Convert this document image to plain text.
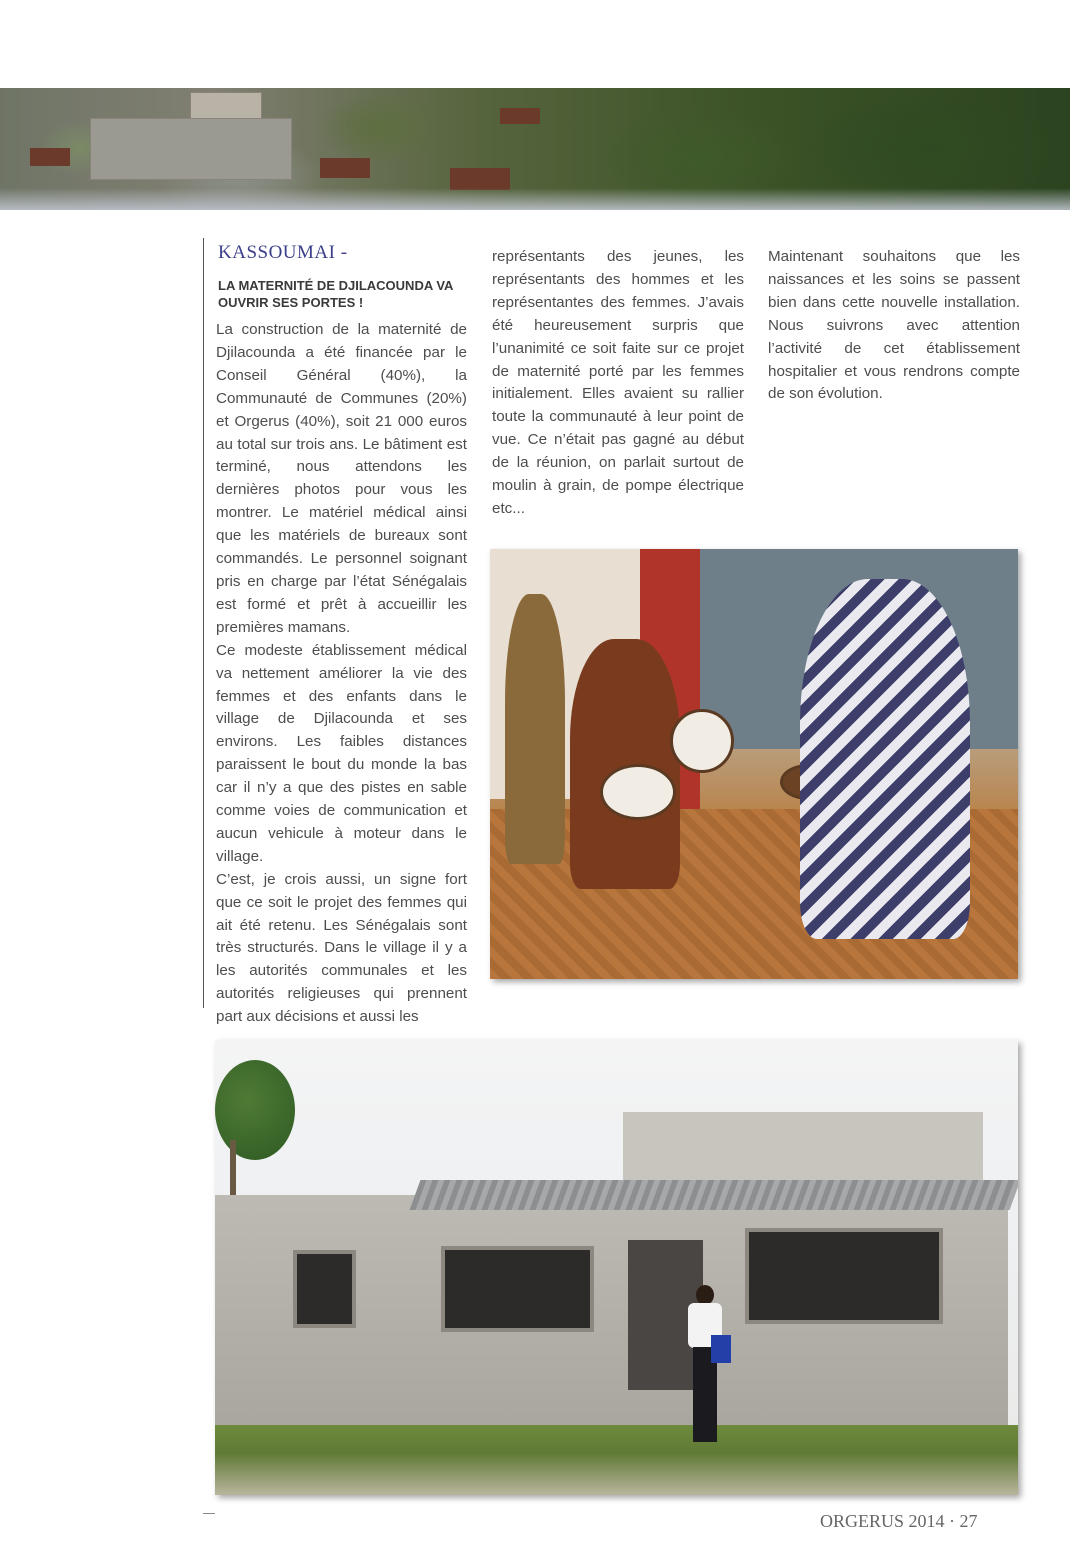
KASSOUMAI -
LA MATERNITÉ DE DJILACOUNDA VA OUVRIR SES PORTES !

La construction de la maternité de Djilacounda a été financée par le Conseil Général (40%), la Communauté de Communes (20%) et Orgerus (40%), soit 21 000 euros au total sur trois ans. Le bâtiment est terminé, nous attendons les dernières photos pour vous les montrer. Le matériel médical ainsi que les matériels de bureaux sont commandés. Le personnel soignant pris en charge par l’état Sénégalais est formé et prêt à accueillir les premières mamans.

Ce modeste établissement médical va nettement améliorer la vie des femmes et des enfants dans le village de Djilacounda et ses environs. Les faibles distances paraissent le bout du monde la bas car il n’y a que des pistes en sable comme voies de communication et aucun vehicule à moteur dans le village.

C’est, je crois aussi, un signe fort que ce soit le projet des femmes qui ait été retenu. Les Sénégalais sont très structurés. Dans le village il y a les autorités communales et les autorités religieuses qui prennent part aux décisions et aussi les

représentants des jeunes, les représentants des hommes et les représentantes des femmes. J’avais été heureusement surpris que l’unanimité ce soit faite sur ce projet de maternité porté par les femmes initialement. Elles avaient su rallier toute la communauté à leur point de vue. Ce n’était pas gagné au début de la réunion, on parlait surtout de moulin à grain, de pompe électrique etc...

Maintenant souhaitons que les naissances et les soins se passent bien dans cette nouvelle installation. Nous suivrons avec attention l’activité de cet établissement hospitalier et vous rendrons compte de son évolution.

ORGERUS 2014 · 27
